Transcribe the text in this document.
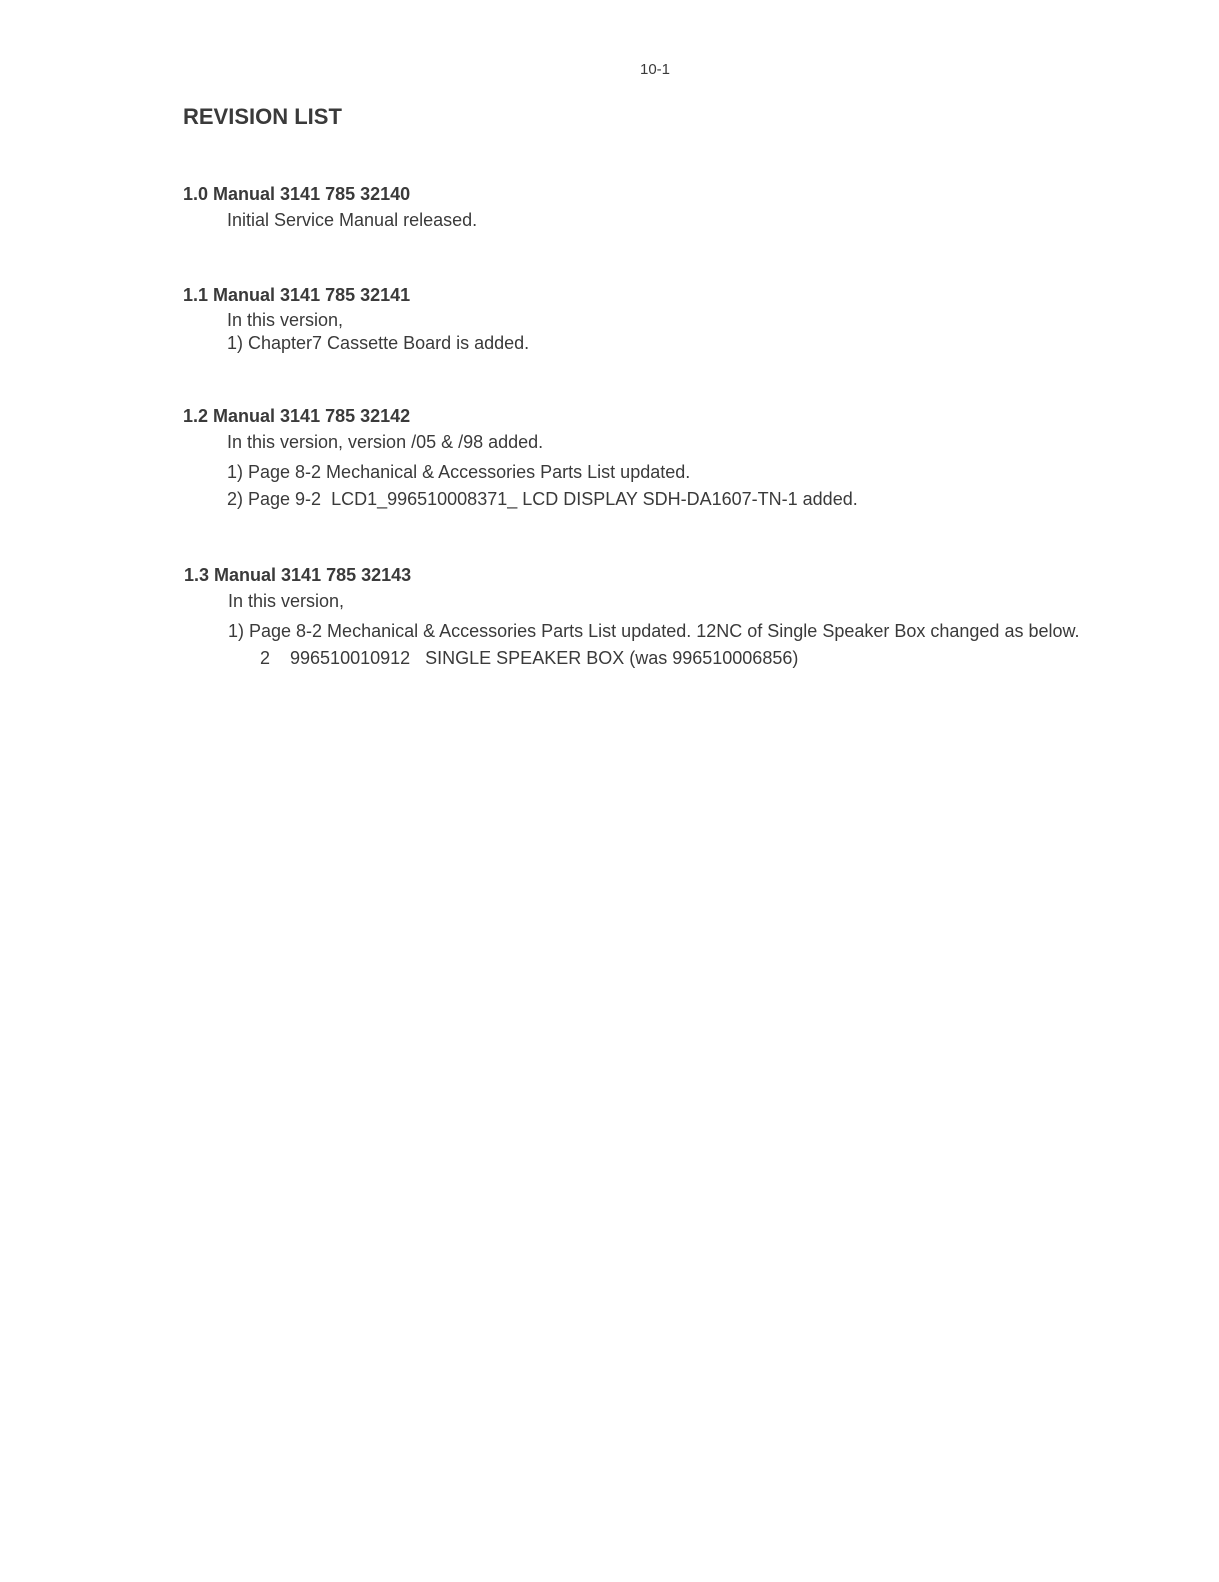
10-1
REVISION LIST
1.0 Manual 3141 785 32140
Initial Service Manual released.
1.1 Manual 3141 785 32141
In this version,
1) Chapter7 Cassette Board is added.
1.2 Manual 3141 785 32142
In this version, version /05 & /98 added.
1) Page 8-2 Mechanical & Accessories Parts List updated.
2) Page 9-2  LCD1_996510008371_ LCD DISPLAY SDH-DA1607-TN-1 added.
1.3 Manual 3141 785 32143
In this version,
1) Page 8-2 Mechanical & Accessories Parts List updated. 12NC of Single Speaker Box changed as below.
2    996510010912   SINGLE SPEAKER BOX (was 996510006856)
